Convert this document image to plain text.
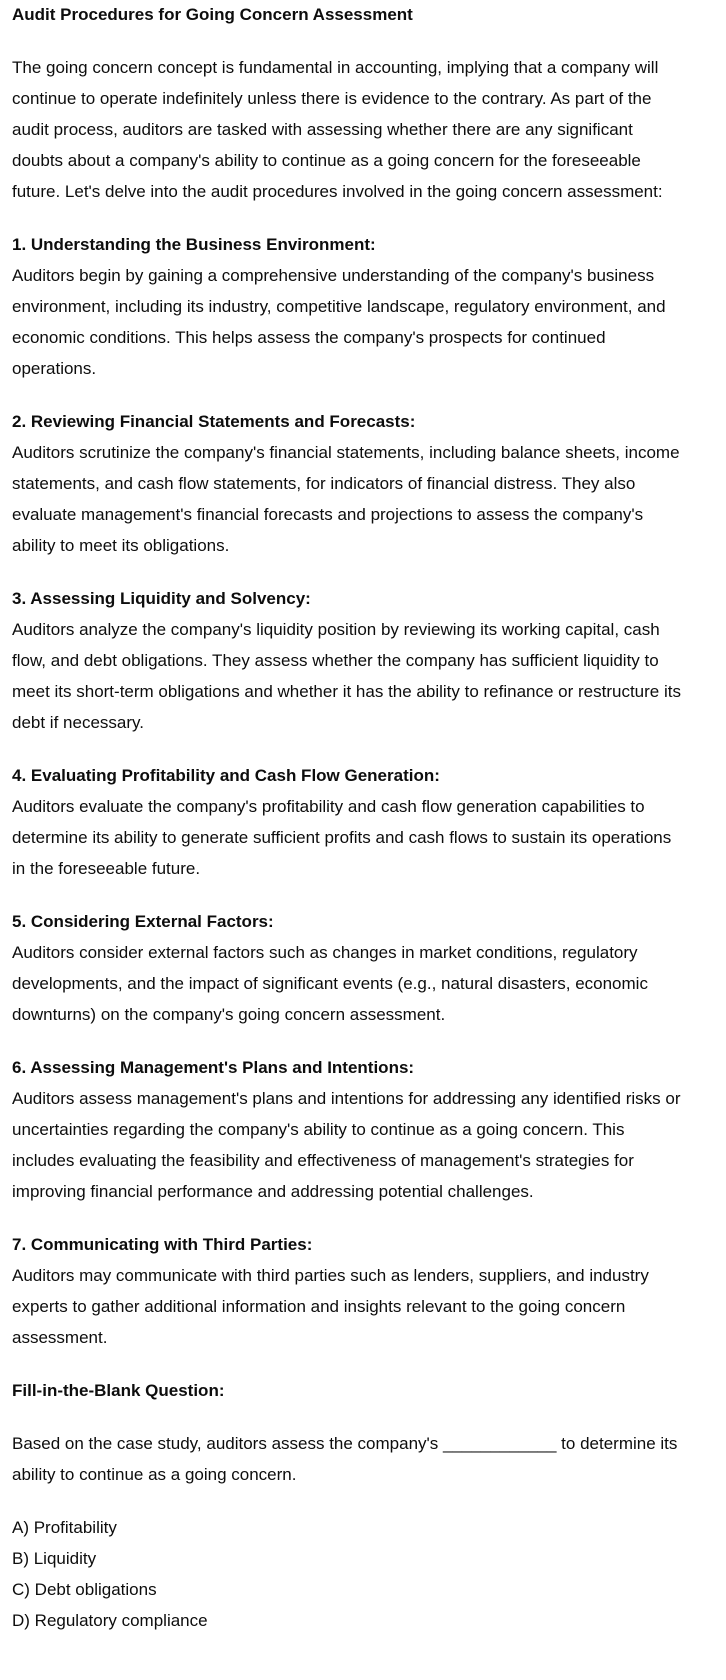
Audit Procedures for Going Concern Assessment

The going concern concept is fundamental in accounting, implying that a company will continue to operate indefinitely unless there is evidence to the contrary. As part of the audit process, auditors are tasked with assessing whether there are any significant doubts about a company's ability to continue as a going concern for the foreseeable future. Let's delve into the audit procedures involved in the going concern assessment:

1. Understanding the Business Environment:

Auditors begin by gaining a comprehensive understanding of the company's business environment, including its industry, competitive landscape, regulatory environment, and economic conditions. This helps assess the company's prospects for continued operations.

2. Reviewing Financial Statements and Forecasts:

Auditors scrutinize the company's financial statements, including balance sheets, income statements, and cash flow statements, for indicators of financial distress. They also evaluate management's financial forecasts and projections to assess the company's ability to meet its obligations.

3. Assessing Liquidity and Solvency:

Auditors analyze the company's liquidity position by reviewing its working capital, cash flow, and debt obligations. They assess whether the company has sufficient liquidity to meet its short-term obligations and whether it has the ability to refinance or restructure its debt if necessary.

4. Evaluating Profitability and Cash Flow Generation:

Auditors evaluate the company's profitability and cash flow generation capabilities to determine its ability to generate sufficient profits and cash flows to sustain its operations in the foreseeable future.

5. Considering External Factors:

Auditors consider external factors such as changes in market conditions, regulatory developments, and the impact of significant events (e.g., natural disasters, economic downturns) on the company's going concern assessment.

6. Assessing Management's Plans and Intentions:

Auditors assess management's plans and intentions for addressing any identified risks or uncertainties regarding the company's ability to continue as a going concern. This includes evaluating the feasibility and effectiveness of management's strategies for improving financial performance and addressing potential challenges.

7. Communicating with Third Parties:

Auditors may communicate with third parties such as lenders, suppliers, and industry experts to gather additional information and insights relevant to the going concern assessment.

Fill-in-the-Blank Question:

Based on the case study, auditors assess the company's ____________ to determine its ability to continue as a going concern.

A) Profitability
B) Liquidity
C) Debt obligations
D) Regulatory compliance
